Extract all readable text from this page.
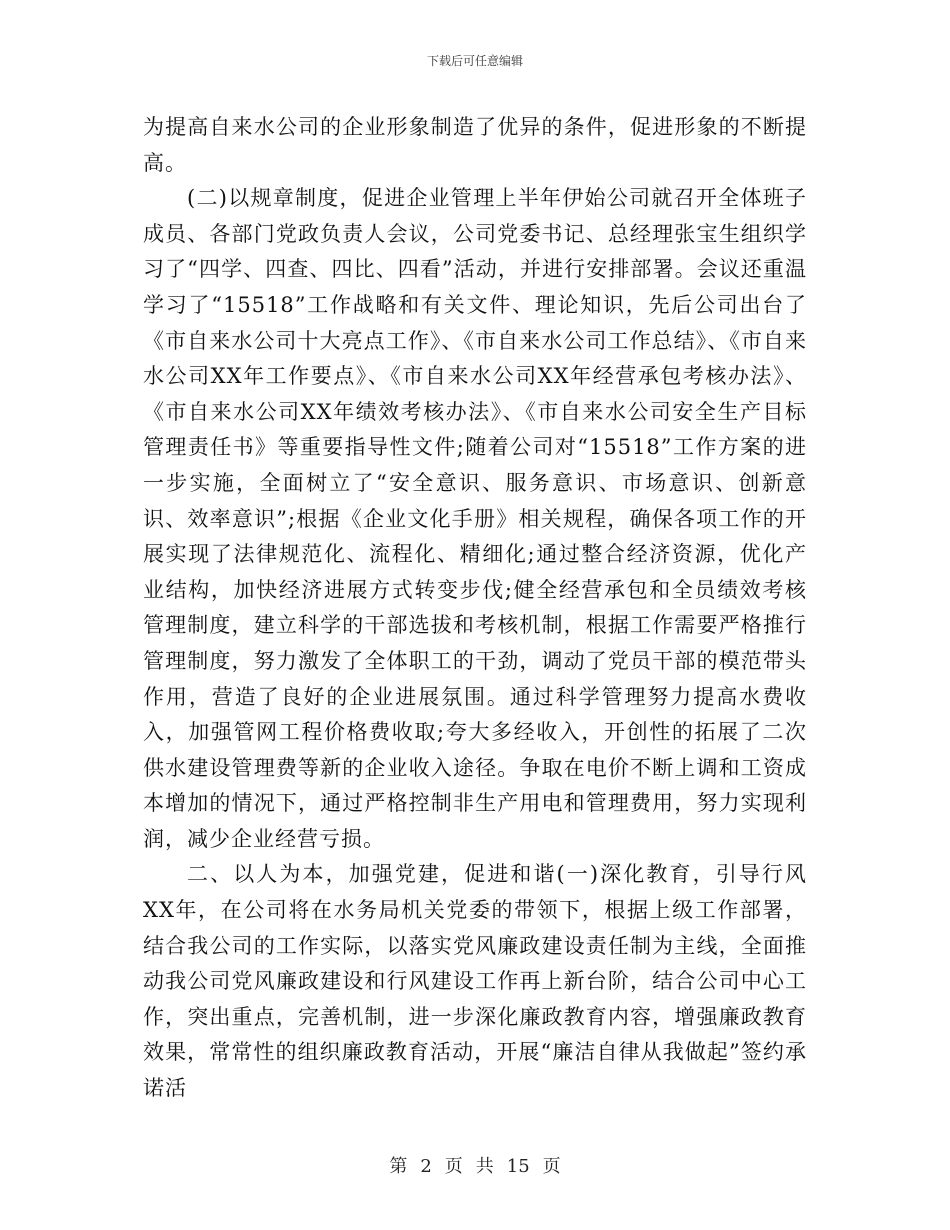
下载后可任意编辑

为提高自来水公司的企业形象制造了优异的条件，促进形象的不断提高。

(二)以规章制度，促进企业管理上半年伊始公司就召开全体班子成员、各部门党政负责人会议，公司党委书记、总经理张宝生组织学习了“四学、四查、四比、四看”活动，并进行安排部署。会议还重温学习了“15518”工作战略和有关文件、理论知识，先后公司出台了《市自来水公司十大亮点工作》、《市自来水公司工作总结》、《市自来水公司XX年工作要点》、《市自来水公司XX年经营承包考核办法》、《市自来水公司XX年绩效考核办法》、《市自来水公司安全生产目标管理责任书》等重要指导性文件;随着公司对“15518”工作方案的进一步实施，全面树立了“安全意识、服务意识、市场意识、创新意识、效率意识”;根据《企业文化手册》相关规程，确保各项工作的开展实现了法律规范化、流程化、精细化;通过整合经济资源，优化产业结构，加快经济进展方式转变步伐;健全经营承包和全员绩效考核管理制度，建立科学的干部选拔和考核机制，根据工作需要严格推行管理制度，努力激发了全体职工的干劲，调动了党员干部的模范带头作用，营造了良好的企业进展氛围。通过科学管理努力提高水费收入，加强管网工程价格费收取;夸大多经收入，开创性的拓展了二次供水建设管理费等新的企业收入途径。争取在电价不断上调和工资成本增加的情况下，通过严格控制非生产用电和管理费用，努力实现利润，减少企业经营亏损。

二、以人为本，加强党建，促进和谐(一)深化教育，引导行风XX年，在公司将在水务局机关党委的带领下，根据上级工作部署，结合我公司的工作实际，以落实党风廉政建设责任制为主线，全面推动我公司党风廉政建设和行风建设工作再上新台阶，结合公司中心工作，突出重点，完善机制，进一步深化廉政教育内容，增强廉政教育效果，常常性的组织廉政教育活动，开展“廉洁自律从我做起”签约承诺活

第 2 页 共 15 页
